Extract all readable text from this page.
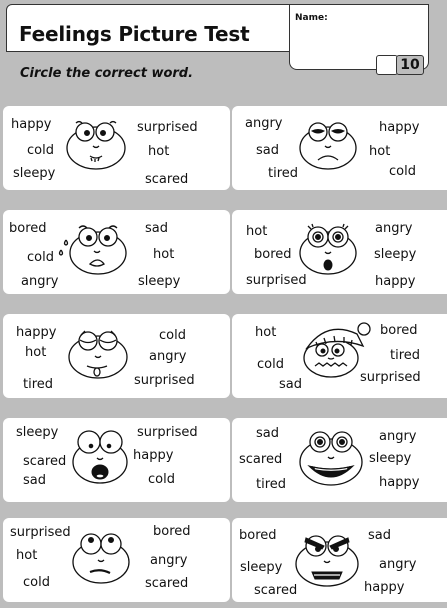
Feelings Picture Test
Name:
10
Circle the correct word.
happy
cold
sleepy
surprised
hot
scared
angry
sad
tired
happy
hot
cold
bored
cold
angry
sad
hot
sleepy
hot
bored
surprised
angry
sleepy
happy
happy
hot
tired
cold
angry
surprised
hot
cold
sad
bored
tired
surprised
sleepy
scared
sad
surprised
happy
cold
sad
scared
tired
angry
sleepy
happy
surprised
hot
cold
bored
angry
scared
bored
sleepy
scared
sad
angry
happy
